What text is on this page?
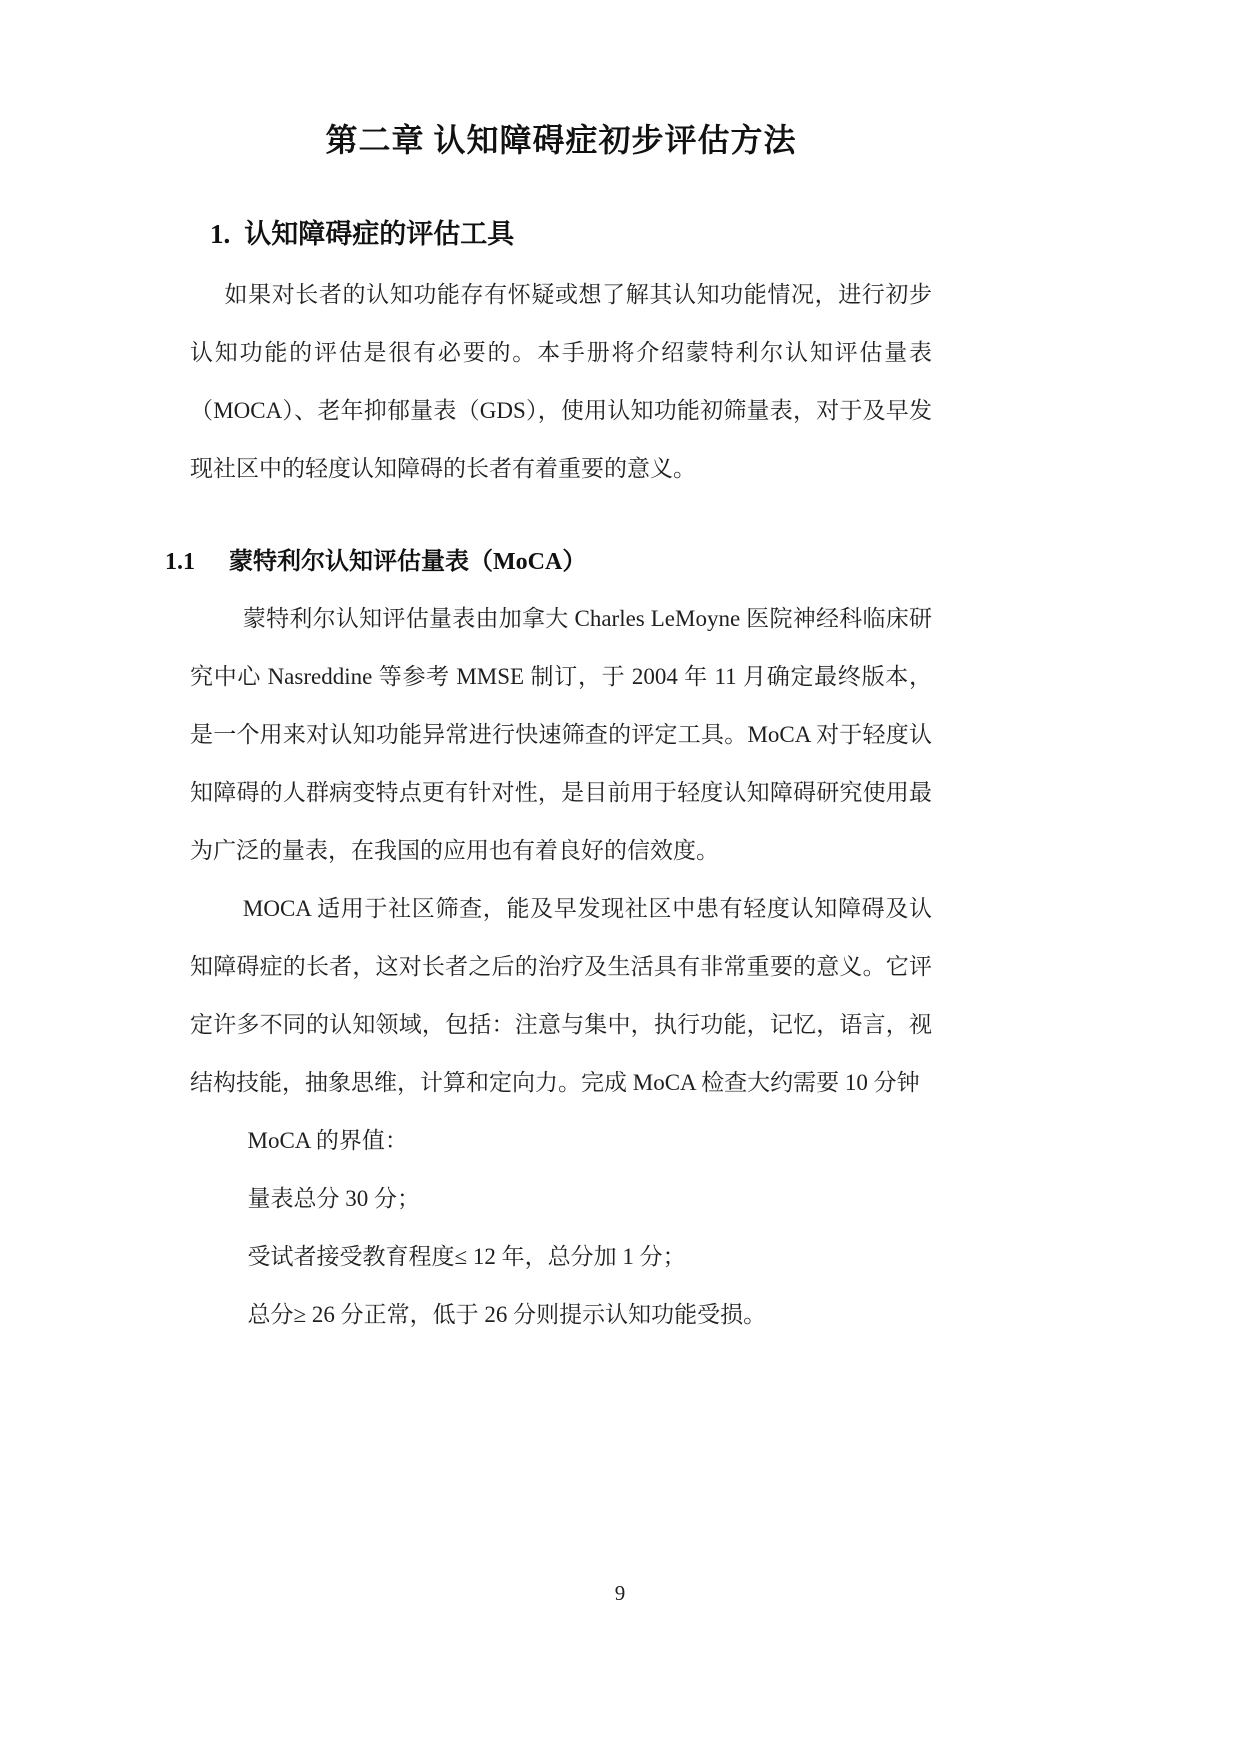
第二章 认知障碍症初步评估方法
1. 认知障碍症的评估工具

如果对长者的认知功能存有怀疑或想了解其认知功能情况，进行初步认知功能的评估是很有必要的。本手册将介绍蒙特利尔认知评估量表（MOCA）、老年抑郁量表（GDS），使用认知功能初筛量表，对于及早发现社区中的轻度认知障碍的长者有着重要的意义。

1.1 蒙特利尔认知评估量表（MoCA）

蒙特利尔认知评估量表由加拿大 Charles LeMoyne 医院神经科临床研究中心 Nasreddine 等参考 MMSE 制订，于 2004 年 11 月确定最终版本，是一个用来对认知功能异常进行快速筛查的评定工具。MoCA 对于轻度认知障碍的人群病变特点更有针对性，是目前用于轻度认知障碍研究使用最为广泛的量表，在我国的应用也有着良好的信效度。

MOCA 适用于社区筛查，能及早发现社区中患有轻度认知障碍及认知障碍症的长者，这对长者之后的治疗及生活具有非常重要的意义。它评定许多不同的认知领域，包括：注意与集中，执行功能，记忆，语言，视结构技能，抽象思维，计算和定向力。完成 MoCA 检查大约需要 10 分钟

MoCA 的界值：

量表总分 30 分；

受试者接受教育程度≤ 12 年，总分加 1 分；

总分≥ 26 分正常，低于 26 分则提示认知功能受损。

9
